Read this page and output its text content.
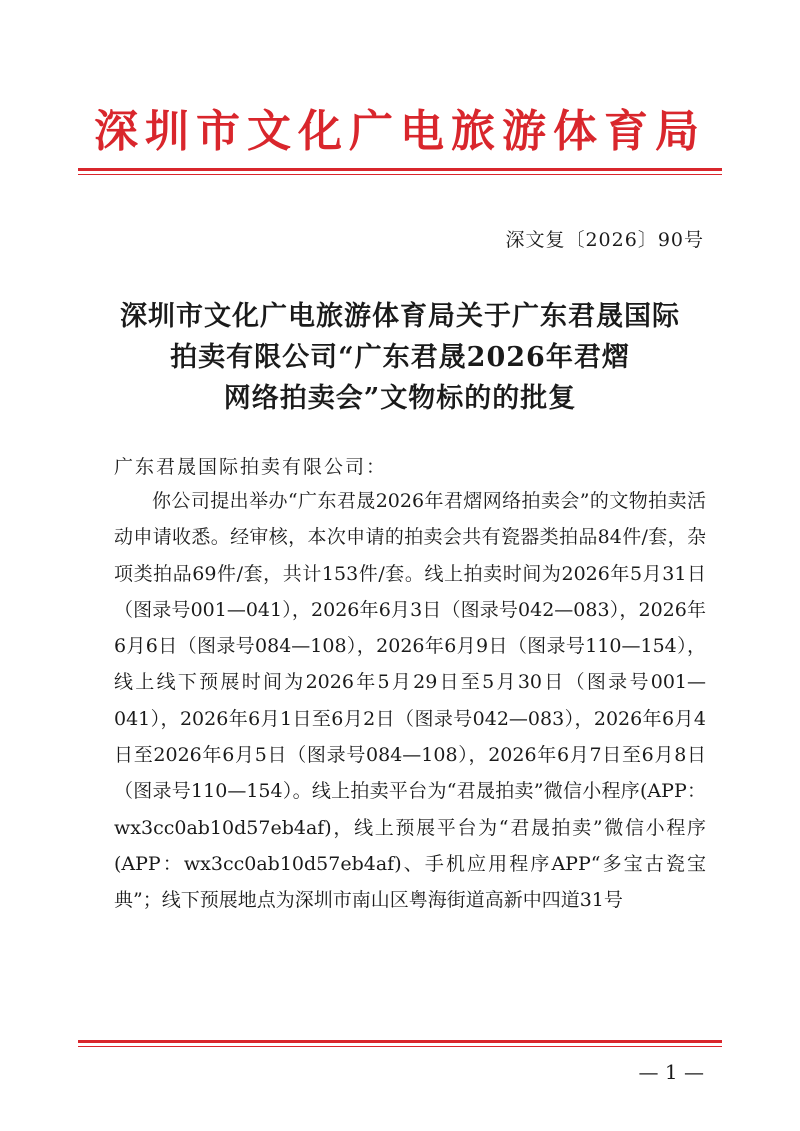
深圳市文化广电旅游体育局
深文复〔2026〕90号
深圳市文化广电旅游体育局关于广东君晟国际
拍卖有限公司“广东君晟2026年君熠
网络拍卖会”文物标的的批复
广东君晟国际拍卖有限公司：

你公司提出举办“广东君晟2026年君熠网络拍卖会”的文物拍卖活动申请收悉。经审核，本次申请的拍卖会共有瓷器类拍品84件/套，杂项类拍品69件/套，共计153件/套。线上拍卖时间为2026年5月31日（图录号001—041），2026年6月3日（图录号042—083），2026年6月6日（图录号084—108），2026年6月9日（图录号110—154），线上线下预展时间为2026年5月29日至5月30日（图录号001—041），2026年6月1日至6月2日（图录号042—083），2026年6月4日至2026年6月5日（图录号084—108），2026年6月7日至6月8日（图录号110—154）。线上拍卖平台为“君晟拍卖”微信小程序(APP：wx3cc0ab10d57eb4af)，线上预展平台为“君晟拍卖”微信小程序(APP：wx3cc0ab10d57eb4af)、手机应用程序APP“多宝古瓷宝典”；线下预展地点为深圳市南山区粤海街道高新中四道31号

— 1 —
